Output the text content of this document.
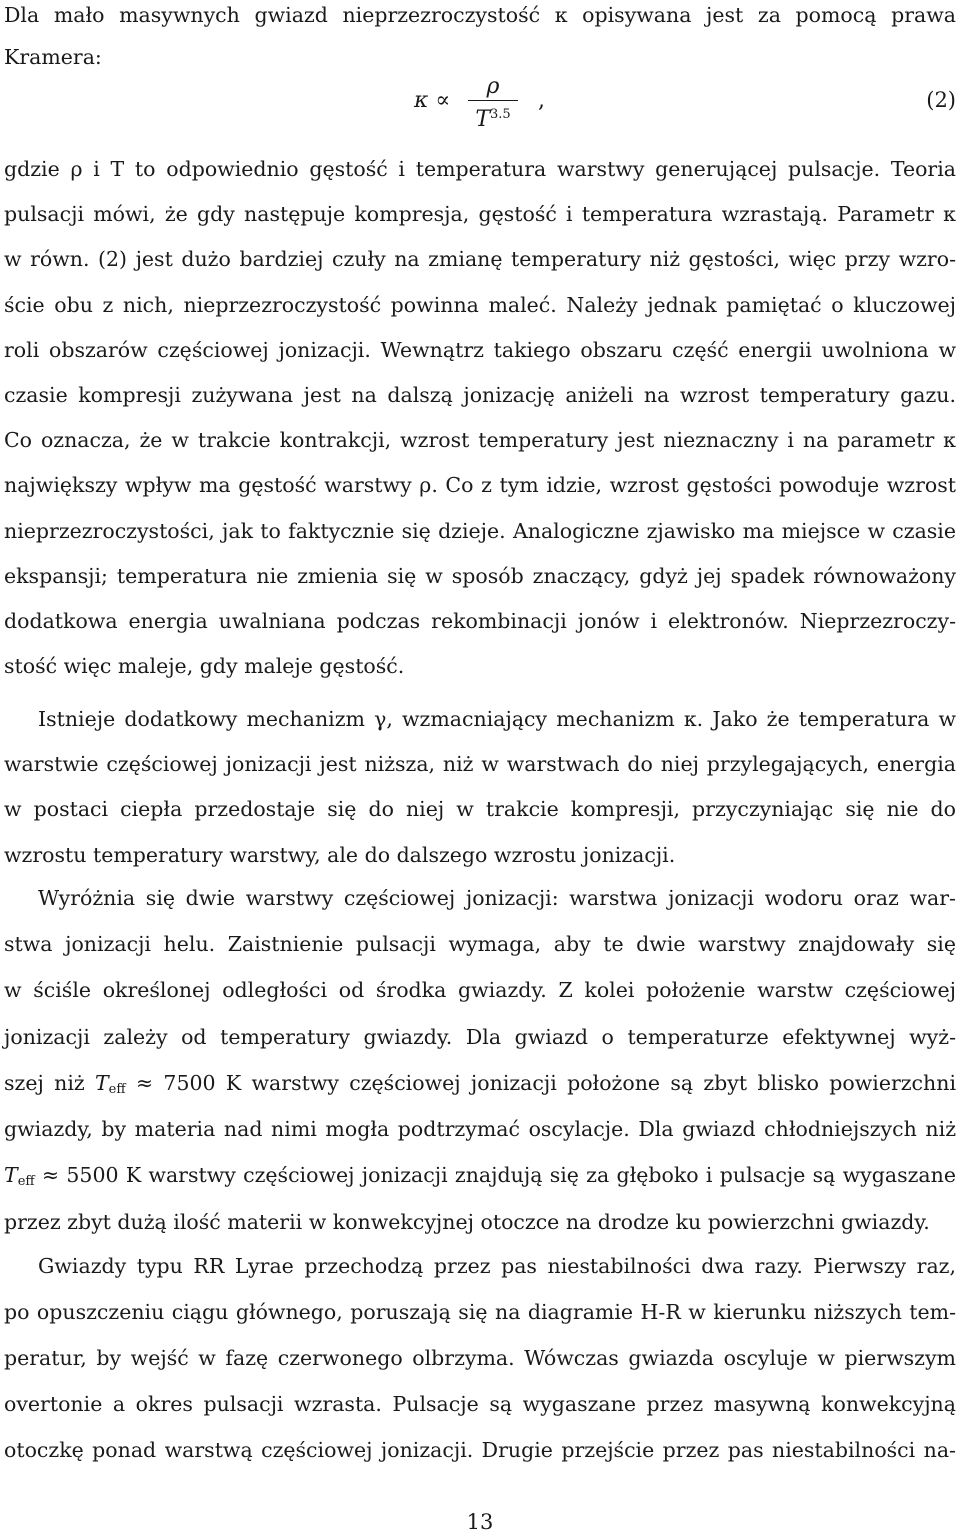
Dla mało masywnych gwiazd nieprzezroczystość κ opisywana jest za pomocą prawa
Kramera:
κ ∝
ρ
$T^{3.5}$
,	(2)
gdzie ρ i T to odpowiednio gęstość i temperatura warstwy generującej pulsacje. Teoria
pulsacji mówi, że gdy następuje kompresja, gęstość i temperatura wzrastają. Parametr κ
w równ. (2) jest dużo bardziej czuły na zmianę temperatury niż gęstości, więc przy wzro-
ście obu z nich, nieprzezroczystość powinna maleć. Należy jednak pamiętać o kluczowej
roli obszarów częściowej jonizacji. Wewnątrz takiego obszaru część energii uwolniona w
czasie kompresji zużywana jest na dalszą jonizację aniżeli na wzrost temperatury gazu.
Co oznacza, że w trakcie kontrakcji, wzrost temperatury jest nieznaczny i na parametr κ
największy wpływ ma gęstość warstwy ρ. Co z tym idzie, wzrost gęstości powoduje wzrost
nieprzezroczystości, jak to faktycznie się dzieje. Analogiczne zjawisko ma miejsce w czasie
ekspansji; temperatura nie zmienia się w sposób znaczący, gdyż jej spadek równoważony
dodatkowa energia uwalniana podczas rekombinacji jonów i elektronów. Nieprzezroczy-
stość więc maleje, gdy maleje gęstość.
Istnieje dodatkowy mechanizm γ, wzmacniający mechanizm κ. Jako że temperatura w
warstwie częściowej jonizacji jest niższa, niż w warstwach do niej przylegających, energia
w postaci ciepła przedostaje się do niej w trakcie kompresji, przyczyniając się nie do
wzrostu temperatury warstwy, ale do dalszego wzrostu jonizacji.
Wyróżnia się dwie warstwy częściowej jonizacji: warstwa jonizacji wodoru oraz war-
stwa jonizacji helu. Zaistnienie pulsacji wymaga, aby te dwie warstwy znajdowały się
w ściśle określonej odległości od środka gwiazdy. Z kolei położenie warstw częściowej
jonizacji zależy od temperatury gwiazdy. Dla gwiazd o temperaturze efektywnej wyż-
szej niż $T_{eff} \approx 7500$ K warstwy częściowej jonizacji położone są zbyt blisko powierzchni
gwiazdy, by materia nad nimi mogła podtrzymać oscylacje. Dla gwiazd chłodniejszych niż
$T_{eff} \approx 5500$ K warstwy częściowej jonizacji znajdują się za głęboko i pulsacje są wygaszane
przez zbyt dużą ilość materii w konwekcyjnej otoczce na drodze ku powierzchni gwiazdy.
Gwiazdy typu RR Lyrae przechodzą przez pas niestabilności dwa razy. Pierwszy raz,
po opuszczeniu ciągu głównego, poruszają się na diagramie H-R w kierunku niższych tem-
peratur, by wejść w fazę czerwonego olbrzyma. Wówczas gwiazda oscyluje w pierwszym
overtonie a okres pulsacji wzrasta. Pulsacje są wygaszane przez masywną konwekcyjną
otoczkę ponad warstwą częściowej jonizacji. Drugie przejście przez pas niestabilności na-
13
